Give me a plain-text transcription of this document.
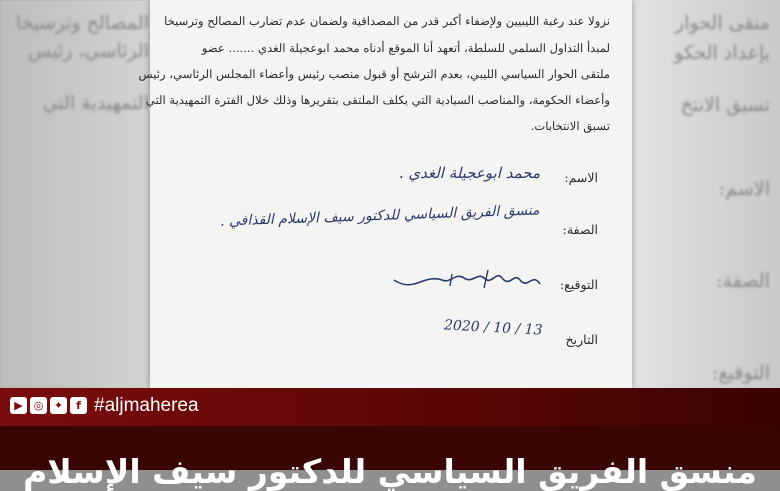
المصالح وترسيخا
الرئاسي، رئيس
التمهيدية التي
منقى الحوار
بإعداد الحكو
تسبق الانتخ
الاسم:
الصفة:
التوقيع:
نزولا عند رغبة الليبيين ولإضفاء أكبر قدر من المصداقية ولضمان عدم تضارب المصالح وترسيخا
لمبدأ التداول السلمي للسلطة، أتعهد أنا الموقع أدناه محمد ابوعجيلة الغدي ....... عضو
ملتقى الحوار السياسي الليبي، بعدم الترشح أو قبول منصب رئيس وأعضاء المجلس الرئاسي، رئيس
وأعضاء الحكومة، والمناصب السيادية التي يكلف الملتقى بتقريرها وذلك خلال الفترة التمهيدية التي
تسبق الانتخابات.
الاسم:
محمد ابوعجيلة الغدي .
الصفة:
منسق الفريق السياسي للدكتور سيف الإسلام القذافي .
التوقيع:
التاريخ
2020 / 10 / 13
▶ ◎ ✦	f #aljmaherea
منسق الفريق السياسي للدكتور سيف الإسلام
